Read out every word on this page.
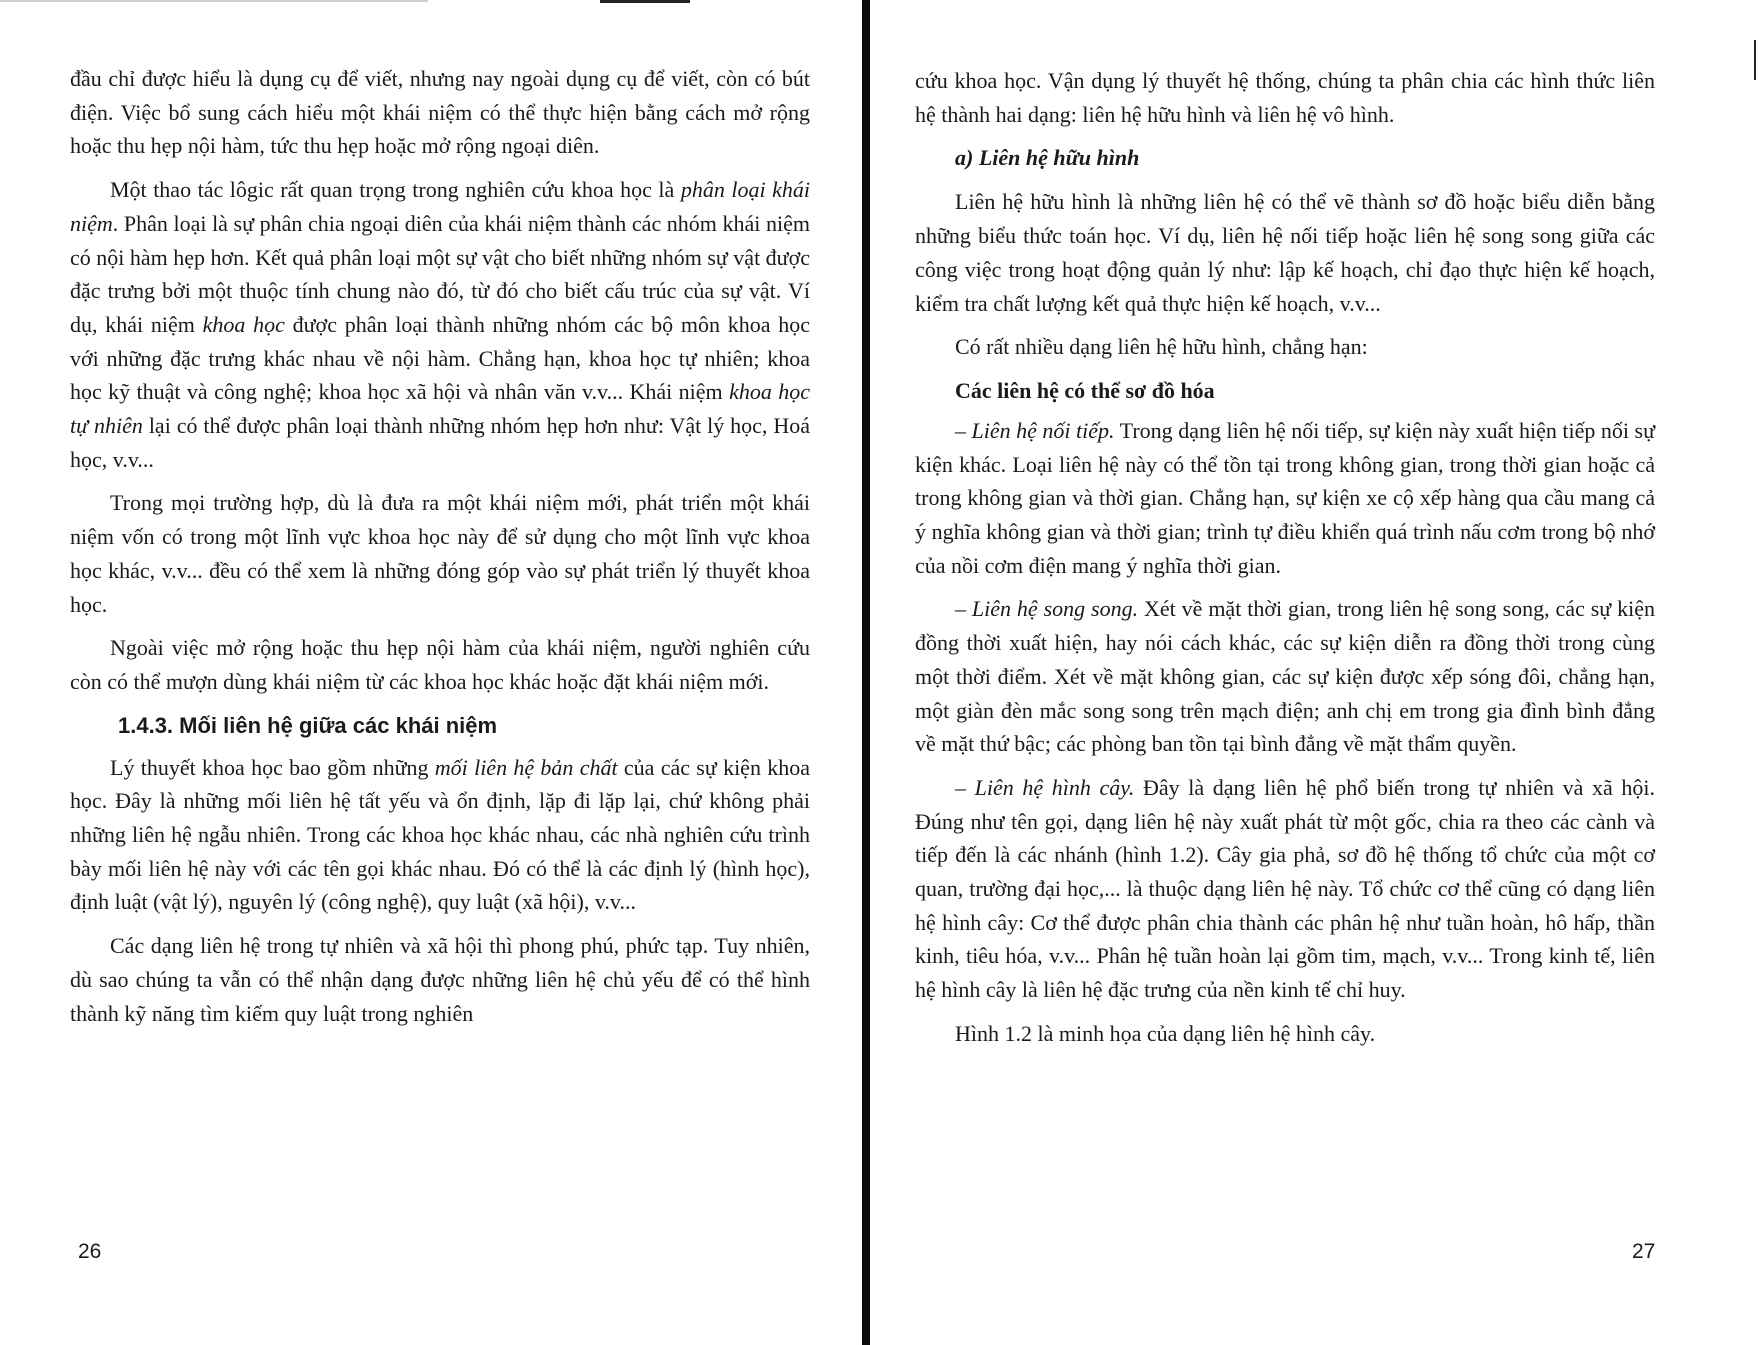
đầu chỉ được hiểu là dụng cụ để viết, nhưng nay ngoài dụng cụ để viết, còn có bút điện. Việc bổ sung cách hiểu một khái niệm có thể thực hiện bằng cách mở rộng hoặc thu hẹp nội hàm, tức thu hẹp hoặc mở rộng ngoại diên.

Một thao tác lôgic rất quan trọng trong nghiên cứu khoa học là phân loại khái niệm. Phân loại là sự phân chia ngoại diên của khái niệm thành các nhóm khái niệm có nội hàm hẹp hơn. Kết quả phân loại một sự vật cho biết những nhóm sự vật được đặc trưng bởi một thuộc tính chung nào đó, từ đó cho biết cấu trúc của sự vật. Ví dụ, khái niệm khoa học được phân loại thành những nhóm các bộ môn khoa học với những đặc trưng khác nhau về nội hàm. Chẳng hạn, khoa học tự nhiên; khoa học kỹ thuật và công nghệ; khoa học xã hội và nhân văn v.v... Khái niệm khoa học tự nhiên lại có thể được phân loại thành những nhóm hẹp hơn như: Vật lý học, Hoá học, v.v...

Trong mọi trường hợp, dù là đưa ra một khái niệm mới, phát triển một khái niệm vốn có trong một lĩnh vực khoa học này để sử dụng cho một lĩnh vực khoa học khác, v.v... đều có thể xem là những đóng góp vào sự phát triển lý thuyết khoa học.

Ngoài việc mở rộng hoặc thu hẹp nội hàm của khái niệm, người nghiên cứu còn có thể mượn dùng khái niệm từ các khoa học khác hoặc đặt khái niệm mới.

1.4.3. Mối liên hệ giữa các khái niệm

Lý thuyết khoa học bao gồm những mối liên hệ bản chất của các sự kiện khoa học. Đây là những mối liên hệ tất yếu và ổn định, lặp đi lặp lại, chứ không phải những liên hệ ngẫu nhiên. Trong các khoa học khác nhau, các nhà nghiên cứu trình bày mối liên hệ này với các tên gọi khác nhau. Đó có thể là các định lý (hình học), định luật (vật lý), nguyên lý (công nghệ), quy luật (xã hội), v.v...

Các dạng liên hệ trong tự nhiên và xã hội thì phong phú, phức tạp. Tuy nhiên, dù sao chúng ta vẫn có thể nhận dạng được những liên hệ chủ yếu để có thể hình thành kỹ năng tìm kiếm quy luật trong nghiên

26

cứu khoa học. Vận dụng lý thuyết hệ thống, chúng ta phân chia các hình thức liên hệ thành hai dạng: liên hệ hữu hình và liên hệ vô hình.

a) Liên hệ hữu hình

Liên hệ hữu hình là những liên hệ có thể vẽ thành sơ đồ hoặc biểu diễn bằng những biểu thức toán học. Ví dụ, liên hệ nối tiếp hoặc liên hệ song song giữa các công việc trong hoạt động quản lý như: lập kế hoạch, chỉ đạo thực hiện kế hoạch, kiểm tra chất lượng kết quả thực hiện kế hoạch, v.v...

Có rất nhiều dạng liên hệ hữu hình, chẳng hạn:

Các liên hệ có thể sơ đồ hóa

– Liên hệ nối tiếp. Trong dạng liên hệ nối tiếp, sự kiện này xuất hiện tiếp nối sự kiện khác. Loại liên hệ này có thể tồn tại trong không gian, trong thời gian hoặc cả trong không gian và thời gian. Chẳng hạn, sự kiện xe cộ xếp hàng qua cầu mang cả ý nghĩa không gian và thời gian; trình tự điều khiển quá trình nấu cơm trong bộ nhớ của nồi cơm điện mang ý nghĩa thời gian.

– Liên hệ song song. Xét về mặt thời gian, trong liên hệ song song, các sự kiện đồng thời xuất hiện, hay nói cách khác, các sự kiện diễn ra đồng thời trong cùng một thời điểm. Xét về mặt không gian, các sự kiện được xếp sóng đôi, chẳng hạn, một giàn đèn mắc song song trên mạch điện; anh chị em trong gia đình bình đẳng về mặt thứ bậc; các phòng ban tồn tại bình đẳng về mặt thẩm quyền.

– Liên hệ hình cây. Đây là dạng liên hệ phổ biến trong tự nhiên và xã hội. Đúng như tên gọi, dạng liên hệ này xuất phát từ một gốc, chia ra theo các cành và tiếp đến là các nhánh (hình 1.2). Cây gia phả, sơ đồ hệ thống tổ chức của một cơ quan, trường đại học,... là thuộc dạng liên hệ này. Tổ chức cơ thể cũng có dạng liên hệ hình cây: Cơ thể được phân chia thành các phân hệ như tuần hoàn, hô hấp, thần kinh, tiêu hóa, v.v... Phân hệ tuần hoàn lại gồm tim, mạch, v.v... Trong kinh tế, liên hệ hình cây là liên hệ đặc trưng của nền kinh tế chỉ huy.

Hình 1.2 là minh họa của dạng liên hệ hình cây.

27
